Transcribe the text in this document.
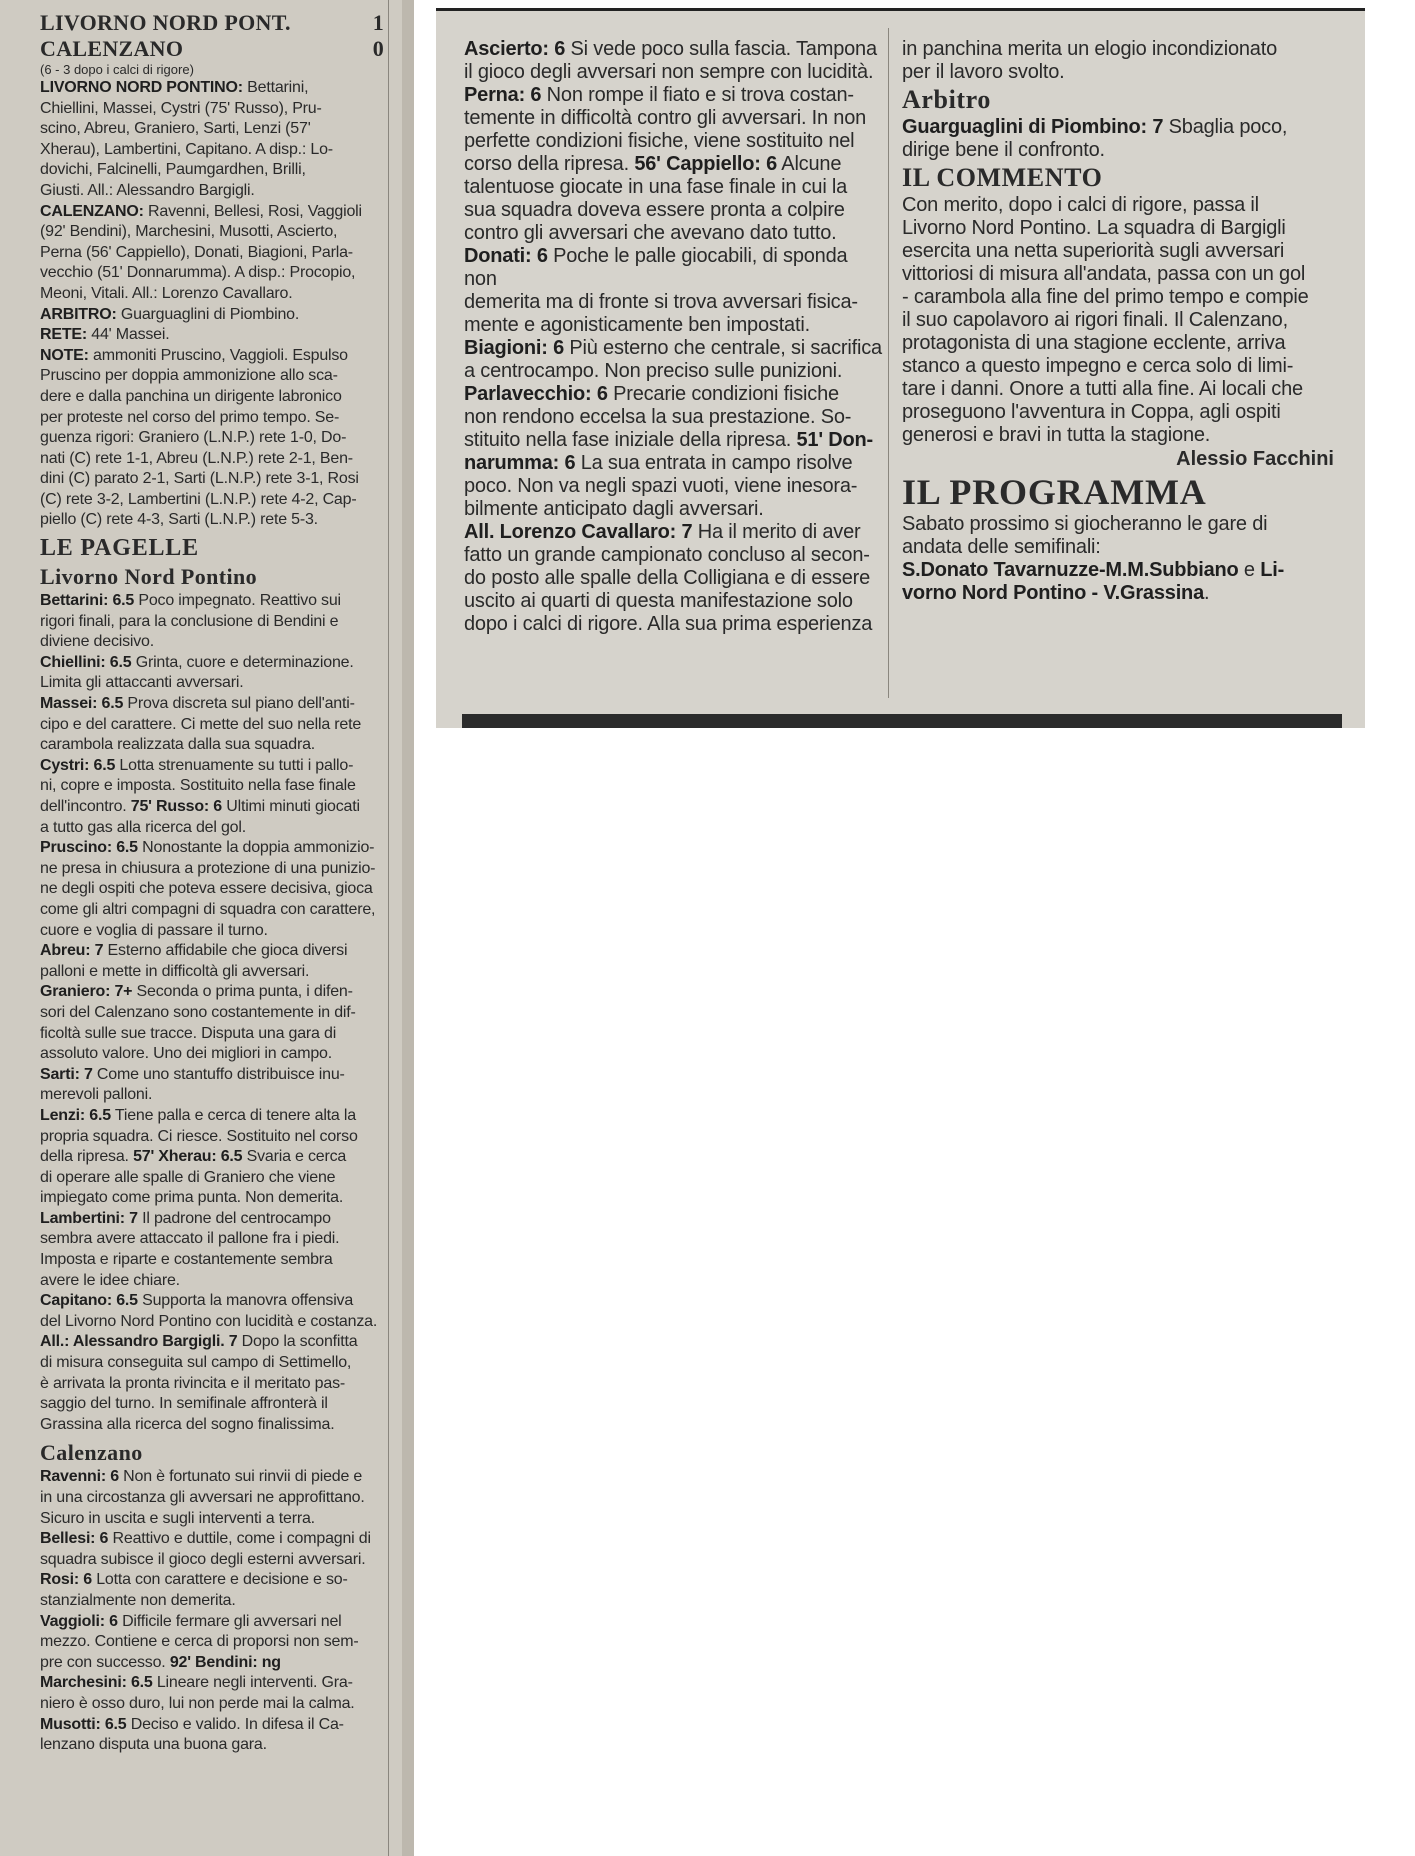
LIVORNO NORD PONT.	1
CALENZANO	0

(6 - 3 dopo i calci di rigore)

LIVORNO NORD PONTINO: Bettarini,

Chiellini, Massei, Cystri (75' Russo), Pru-

scino, Abreu, Graniero, Sarti, Lenzi (57'

Xherau), Lambertini, Capitano. A disp.: Lo-

dovichi, Falcinelli, Paumgardhen, Brilli,

Giusti. All.: Alessandro Bargigli.

CALENZANO: Ravenni, Bellesi, Rosi, Vaggioli

(92' Bendini), Marchesini, Musotti, Asciertо,

Perna (56' Cappiello), Donati, Biagioni, Parla-

vecchio (51' Donnarumma). A disp.: Procopio,

Meoni, Vitali. All.: Lorenzo Cavallaro.

ARBITRO: Guarguaglini di Piombino.

RETE: 44' Massei.

NOTE: ammoniti Pruscino, Vaggioli. Espulso

Pruscino per doppia ammonizione allo sca-

dere e dalla panchina un dirigente labronico

per proteste nel corso del primo tempo. Se-

guenza rigori: Graniero (L.N.P.) rete 1-0, Do-

nati (C) rete 1-1, Abreu (L.N.P.) rete 2-1, Ben-

dini (C) parato 2-1, Sarti (L.N.P.) rete 3-1, Rosi

(C) rete 3-2, Lambertini (L.N.P.) rete 4-2, Cap-

piello (C) rete 4-3, Sarti (L.N.P.) rete 5-3.

LE PAGELLE
Livorno Nord Pontino

Bettarini: 6.5 Poco impegnato. Reattivo sui

rigori finali, para la conclusione di Bendini e

diviene decisivo.

Chiellini: 6.5 Grinta, cuore e determinazione.

Limita gli attaccanti avversari.

Massei: 6.5 Prova discreta sul piano dell'anti-

cipo e del carattere. Ci mette del suo nella rete

carambola realizzata dalla sua squadra.

Cystri: 6.5 Lotta strenuamente su tutti i pallo-

ni, copre e imposta. Sostituito nella fase finale

dell'incontro. 75' Russo: 6 Ultimi minuti giocati

a tutto gas alla ricerca del gol.

Pruscino: 6.5 Nonostante la doppia ammonizio-

ne presa in chiusura a protezione di una punizio-

ne degli ospiti che poteva essere decisiva, gioca

come gli altri compagni di squadra con carattere,

cuore e voglia di passare il turno.

Abreu: 7 Esterno affidabile che gioca diversi

palloni e mette in difficoltà gli avversari.

Graniero: 7+ Seconda o prima punta, i difen-

sori del Calenzano sono costantemente in dif-

ficoltà sulle sue tracce. Disputa una gara di

assoluto valore. Uno dei migliori in campo.

Sarti: 7 Come uno stantuffo distribuisce inu-

merevoli palloni.

Lenzi: 6.5 Tiene palla e cerca di tenere alta la

propria squadra. Ci riesce. Sostituito nel corso

della ripresa. 57' Xherau: 6.5 Svaria e cerca

di operare alle spalle di Graniero che viene

impiegato come prima punta. Non demerita.

Lambertini: 7 Il padrone del centrocampo

sembra avere attaccato il pallone fra i piedi.

Imposta e riparte e costantemente sembra

avere le idee chiare.

Capitano: 6.5 Supporta la manovra offensiva

del Livorno Nord Pontino con lucidità e costanza.

All.: Alessandro Bargigli. 7 Dopo la sconfitta

di misura conseguita sul campo di Settimello,

è arrivata la pronta rivincita e il meritato pas-

saggio del turno. In semifinale affronterà il

Grassina alla ricerca del sogno finalissima.

Calenzano

Ravenni: 6 Non è fortunato sui rinvii di piede e

in una circostanza gli avversari ne approfittano.

Sicuro in uscita e sugli interventi a terra.

Bellesi: 6 Reattivo e duttile, come i compagni di

squadra subisce il gioco degli esterni avversari.

Rosi: 6 Lotta con carattere e decisione e so-

stanzialmente non demerita.

Vaggioli: 6 Difficile fermare gli avversari nel

mezzo. Contiene e cerca di proporsi non sem-

pre con successo. 92' Bendini: ng

Marchesini: 6.5 Lineare negli interventi. Gra-

niero è osso duro, lui non perde mai la calma.

Musotti: 6.5 Deciso e valido. In difesa il Ca-

lenzano disputa una buona gara.

Ascierto: 6 Si vede poco sulla fascia. Tampona

il gioco degli avversari non sempre con lucidità.

Perna: 6 Non rompe il fiato e si trova costan-

temente in difficoltà contro gli avversari. In non

perfette condizioni fisiche, viene sostituito nel

corso della ripresa. 56' Cappiello: 6 Alcune

talentuose giocate in una fase finale in cui la

sua squadra doveva essere pronta a colpire

contro gli avversari che avevano dato tutto.

Donati: 6 Poche le palle giocabili, di sponda non

demerita ma di fronte si trova avversari fisica-

mente e agonisticamente ben impostati.

Biagioni: 6 Più esterno che centrale, si sacrifica

a centrocampo. Non preciso sulle punizioni.

Parlavecchio: 6 Precarie condizioni fisiche

non rendono eccelsa la sua prestazione. So-

stituito nella fase iniziale della ripresa. 51' Don-

narumma: 6 La sua entrata in campo risolve

poco. Non va negli spazi vuoti, viene inesora-

bilmente anticipato dagli avversari.

All. Lorenzo Cavallaro: 7 Ha il merito di aver

fatto un grande campionato concluso al secon-

do posto alle spalle della Colligiana e di essere

uscito ai quarti di questa manifestazione solo

dopo i calci di rigore. Alla sua prima esperienza

in panchina merita un elogio incondizionato

per il lavoro svolto.

Arbitro

Guarguaglini di Piombino: 7 Sbaglia poco,

dirige bene il confronto.

IL COMMENTO

Con merito, dopo i calci di rigore, passa il

Livorno Nord Pontino. La squadra di Bargigli

esercita una netta superiorità sugli avversari

vittoriosi di misura all'andata, passa con un gol

- carambola alla fine del primo tempo e compie

il suo capolavoro ai rigori finali. Il Calenzano,

protagonista di una stagione ecclente, arriva

stanco a questo impegno e cerca solo di limi-

tare i danni. Onore a tutti alla fine. Ai locali che

proseguono l'avventura in Coppa, agli ospiti

generosi e bravi in tutta la stagione.

Alessio Facchini

IL PROGRAMMA

Sabato prossimo si giocheranno le gare di

andata delle semifinali:

S.Donato Tavarnuzze-M.M.Subbiano e Li-

vorno Nord Pontino - V.Grassina.
